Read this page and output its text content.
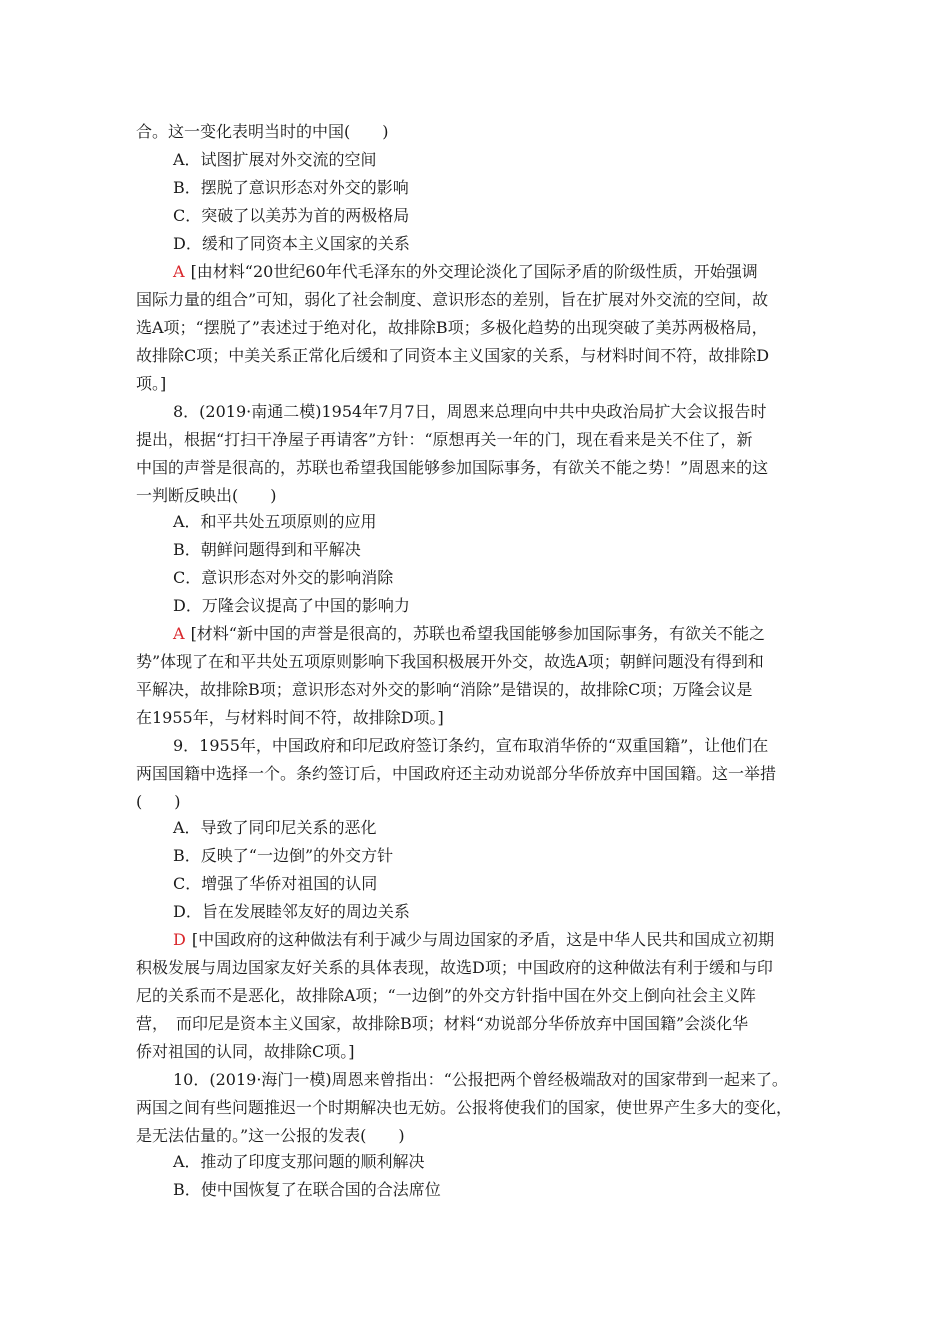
合。这一变化表明当时的中国(　　)
A．试图扩展对外交流的空间
B．摆脱了意识形态对外交的影响
C．突破了以美苏为首的两极格局
D．缓和了同资本主义国家的关系
A [由材料“20世纪60年代毛泽东的外交理论淡化了国际矛盾的阶级性质，开始强调
国际力量的组合”可知，弱化了社会制度、意识形态的差别，旨在扩展对外交流的空间，故
选A项；“摆脱了”表述过于绝对化，故排除B项；多极化趋势的出现突破了美苏两极格局，
故排除C项；中美关系正常化后缓和了同资本主义国家的关系，与材料时间不符，故排除D
项。]
8．(2019·南通二模)1954年7月7日，周恩来总理向中共中央政治局扩大会议报告时
提出，根据“打扫干净屋子再请客”方针：“原想再关一年的门，现在看来是关不住了，新
中国的声誉是很高的，苏联也希望我国能够参加国际事务，有欲关不能之势！”周恩来的这
一判断反映出(　　)
A．和平共处五项原则的应用
B．朝鲜问题得到和平解决
C．意识形态对外交的影响消除
D．万隆会议提高了中国的影响力
A [材料“新中国的声誉是很高的，苏联也希望我国能够参加国际事务，有欲关不能之
势”体现了在和平共处五项原则影响下我国积极展开外交，故选A项；朝鲜问题没有得到和
平解决，故排除B项；意识形态对外交的影响“消除”是错误的，故排除C项；万隆会议是
在1955年，与材料时间不符，故排除D项。]
9．1955年，中国政府和印尼政府签订条约，宣布取消华侨的“双重国籍”，让他们在
两国国籍中选择一个。条约签订后，中国政府还主动劝说部分华侨放弃中国国籍。这一举措
(　　)
A．导致了同印尼关系的恶化
B．反映了“一边倒”的外交方针
C．增强了华侨对祖国的认同
D．旨在发展睦邻友好的周边关系
D [中国政府的这种做法有利于减少与周边国家的矛盾，这是中华人民共和国成立初期
积极发展与周边国家友好关系的具体表现，故选D项；中国政府的这种做法有利于缓和与印
尼的关系而不是恶化，故排除A项；“一边倒”的外交方针指中国在外交上倒向社会主义阵
营，　而印尼是资本主义国家，故排除B项；材料“劝说部分华侨放弃中国国籍”会淡化华
侨对祖国的认同，故排除C项。]
10．(2019·海门一模)周恩来曾指出：“公报把两个曾经极端敌对的国家带到一起来了。
两国之间有些问题推迟一个时期解决也无妨。公报将使我们的国家，使世界产生多大的变化，
是无法估量的。”这一公报的发表(　　)
A．推动了印度支那问题的顺利解决
B．使中国恢复了在联合国的合法席位
